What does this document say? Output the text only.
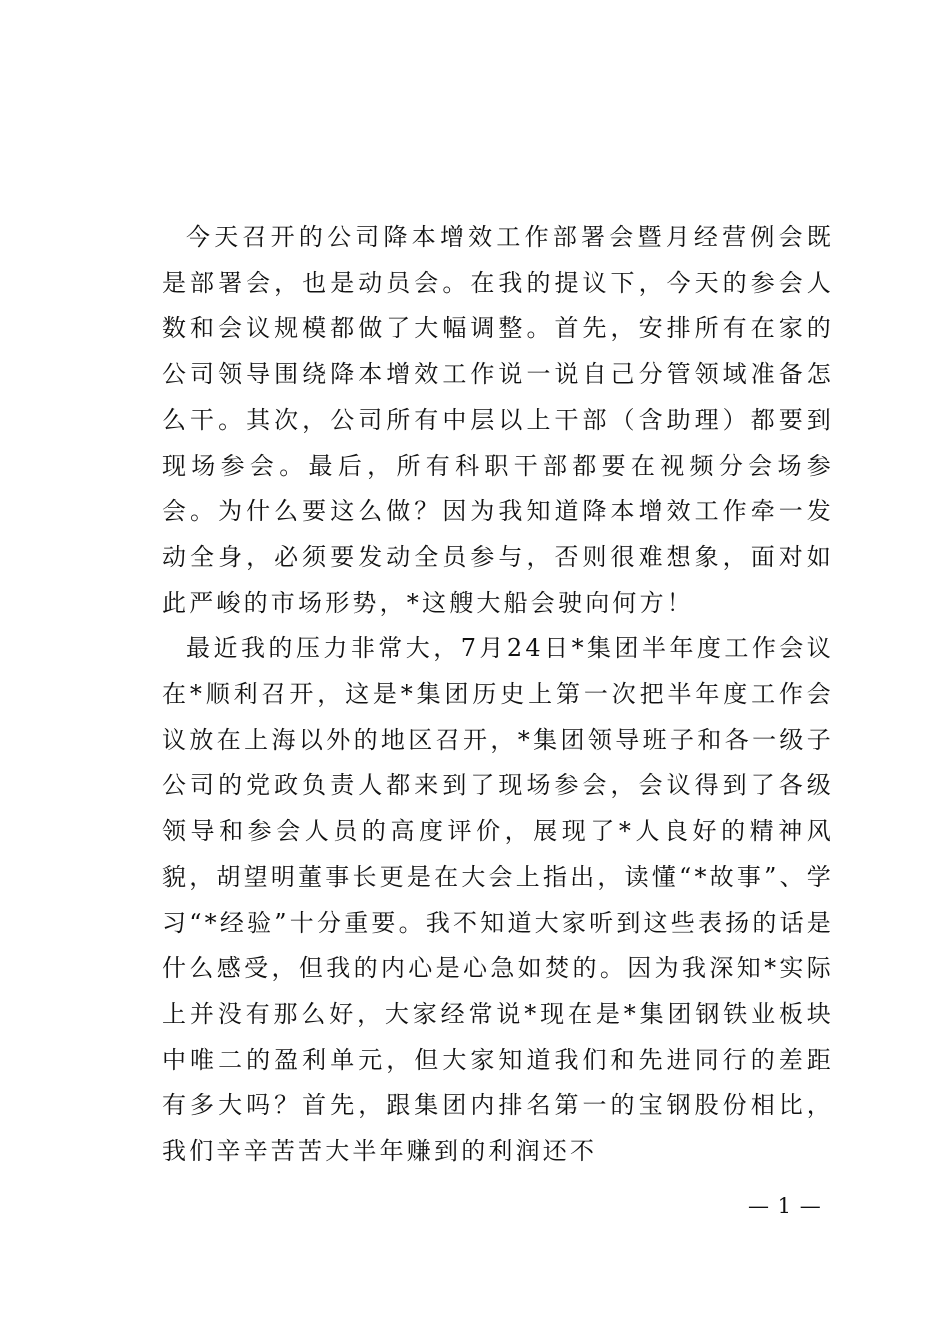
今天召开的公司降本增效工作部署会暨月经营例会既是部署会，也是动员会。在我的提议下，今天的参会人数和会议规模都做了大幅调整。首先，安排所有在家的公司领导围绕降本增效工作说一说自己分管领域准备怎么干。其次，公司所有中层以上干部（含助理）都要到现场参会。最后，所有科职干部都要在视频分会场参会。为什么要这么做？因为我知道降本增效工作牵一发动全身，必须要发动全员参与，否则很难想象，面对如此严峻的市场形势，*这艘大船会驶向何方！

最近我的压力非常大，7月24日*集团半年度工作会议在*顺利召开，这是*集团历史上第一次把半年度工作会议放在上海以外的地区召开，*集团领导班子和各一级子公司的党政负责人都来到了现场参会，会议得到了各级领导和参会人员的高度评价，展现了*人良好的精神风貌，胡望明董事长更是在大会上指出，读懂“*故事”、学习“*经验”十分重要。我不知道大家听到这些表扬的话是什么感受，但我的内心是心急如焚的。因为我深知*实际上并没有那么好，大家经常说*现在是*集团钢铁业板块中唯二的盈利单元，但大家知道我们和先进同行的差距有多大吗？首先，跟集团内排名第一的宝钢股份相比，我们辛辛苦苦大半年赚到的利润还不

— 1 —
